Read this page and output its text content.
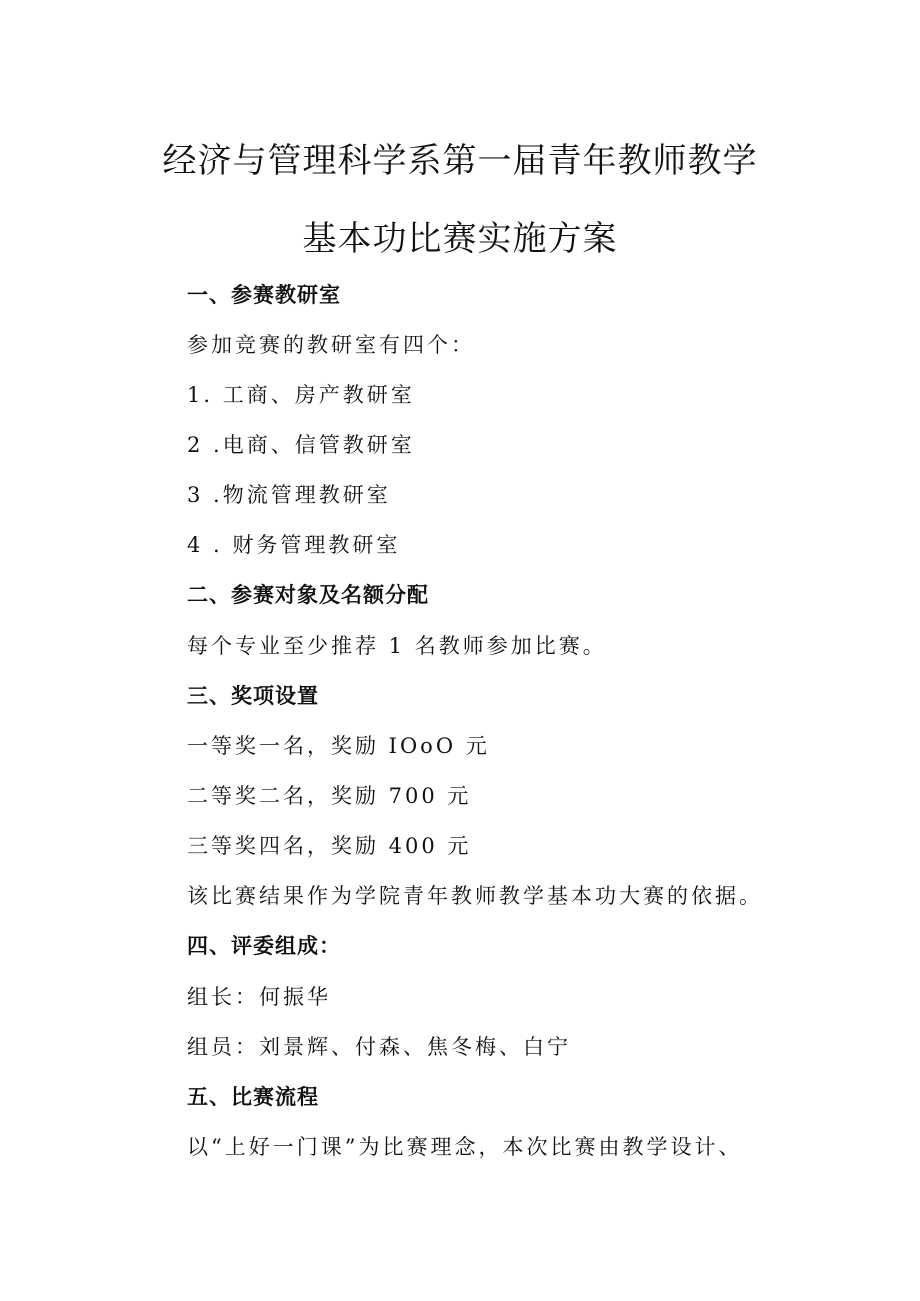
经济与管理科学系第一届青年教师教学
基本功比赛实施方案
一、参赛教研室
参加竞赛的教研室有四个：
1. 工商、房产教研室
2 .电商、信管教研室
3 .物流管理教研室
4 . 财务管理教研室
二、参赛对象及名额分配
每个专业至少推荐 1 名教师参加比赛。
三、奖项设置
一等奖一名，奖励 IOoO 元
二等奖二名，奖励 700 元
三等奖四名，奖励 400 元
该比赛结果作为学院青年教师教学基本功大赛的依据。
四、评委组成：
组长：何振华
组员：刘景辉、付森、焦冬梅、白宁
五、比赛流程
以“上好一门课”为比赛理念，本次比赛由教学设计、
